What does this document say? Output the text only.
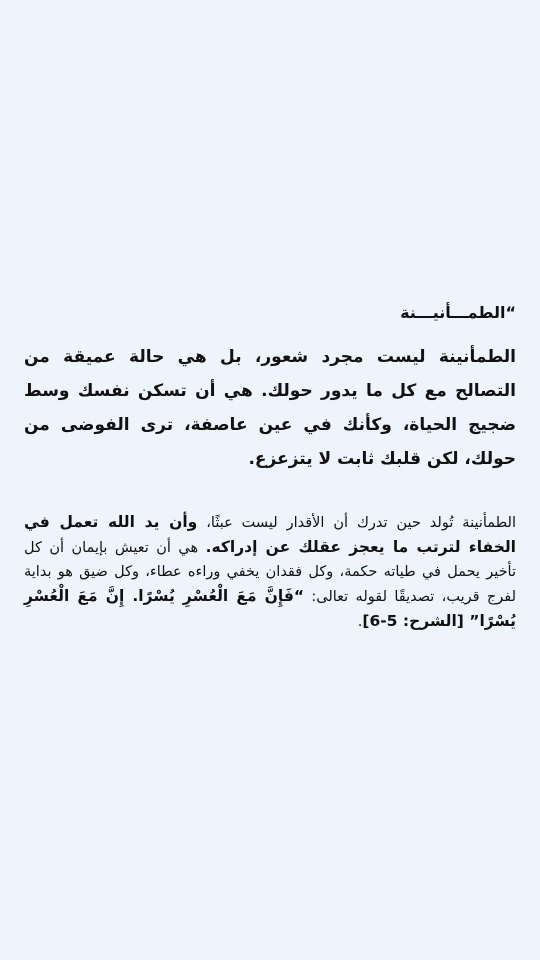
“الطمـــأنيـــنة

الطمأنينة ليست مجرد شعور، بل هي حالة عميقة من التصالح مع كل ما يدور حولك. هي أن تسكن نفسك وسط ضجيج الحياة، وكأنك في عين عاصفة، ترى الفوضى من حولك، لكن قلبك ثابت لا يتزعزع.

الطمأنينة تُولد حين تدرك أن الأقدار ليست عبثًا، وأن يد الله تعمل في الخفاء لترتب ما يعجز عقلك عن إدراكه. هي أن تعيش بإيمان أن كل تأخير يحمل في طياته حكمة، وكل فقدان يخفي وراءه عطاء، وكل ضيق هو بداية لفرج قريب، تصديقًا لقوله تعالى: “فَإِنَّ مَعَ الْعُسْرِ يُسْرًا. إِنَّ مَعَ الْعُسْرِ يُسْرًا” [الشرح: 5-6].
